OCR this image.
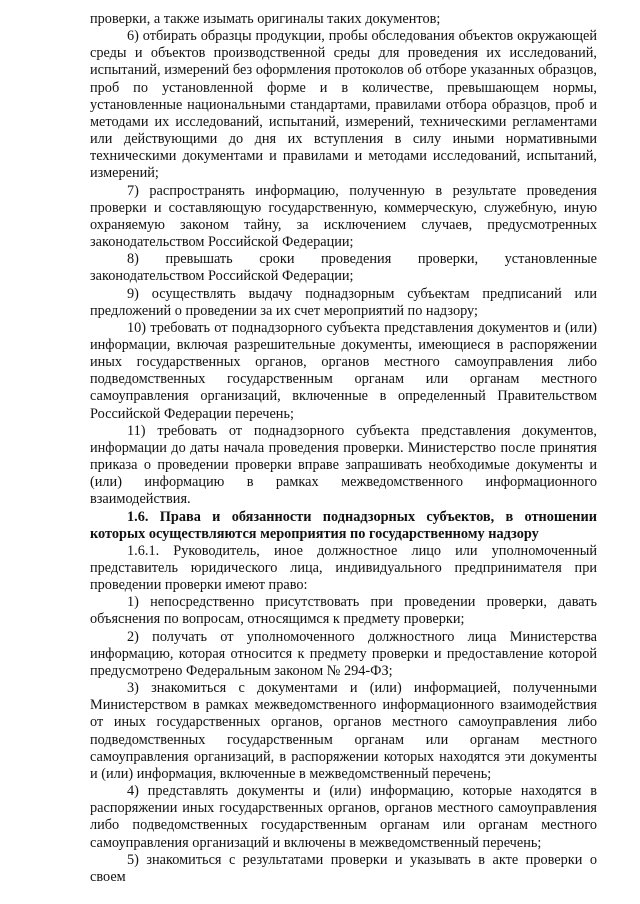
проверки, а также изымать оригиналы таких документов;

6) отбирать образцы продукции, пробы обследования объектов окружающей среды и объектов производственной среды для проведения их исследований, испытаний, измерений без оформления протоколов об отборе указанных образцов, проб по установленной форме и в количестве, превышающем нормы, установленные национальными стандартами, правилами отбора образцов, проб и методами их исследований, испытаний, измерений, техническими регламентами или действующими до дня их вступления в силу иными нормативными техническими документами и правилами и методами исследований, испытаний, измерений;

7) распространять информацию, полученную в результате проведения проверки и составляющую государственную, коммерческую, служебную, иную охраняемую законом тайну, за исключением случаев, предусмотренных законодательством Российской Федерации;

8) превышать сроки проведения проверки, установленные законодательством Российской Федерации;

9) осуществлять выдачу поднадзорным субъектам предписаний или предложений о проведении за их счет мероприятий по надзору;

10) требовать от поднадзорного субъекта представления документов и (или) информации, включая разрешительные документы, имеющиеся в распоряжении иных государственных органов, органов местного самоуправления либо подведомственных государственным органам или органам местного самоуправления организаций, включенные в определенный Правительством Российской Федерации перечень;

11) требовать от поднадзорного субъекта представления документов, информации до даты начала проведения проверки. Министерство после принятия приказа о проведении проверки вправе запрашивать необходимые документы и (или) информацию в рамках межведомственного информационного взаимодействия.

1.6. Права и обязанности поднадзорных субъектов, в отношении которых осуществляются мероприятия по государственному надзору

1.6.1. Руководитель, иное должностное лицо или уполномоченный представитель юридического лица, индивидуального предпринимателя при проведении проверки имеют право:

1) непосредственно присутствовать при проведении проверки, давать объяснения по вопросам, относящимся к предмету проверки;

2) получать от уполномоченного должностного лица Министерства информацию, которая относится к предмету проверки и предоставление которой предусмотрено Федеральным законом № 294-ФЗ;

3) знакомиться с документами и (или) информацией, полученными Министерством в рамках межведомственного информационного взаимодействия от иных государственных органов, органов местного самоуправления либо подведомственных государственным органам или органам местного самоуправления организаций, в распоряжении которых находятся эти документы и (или) информация, включенные в межведомственный перечень;

4) представлять документы и (или) информацию, которые находятся в распоряжении иных государственных органов, органов местного самоуправления либо подведомственных государственным органам или органам местного самоуправления организаций и включены в межведомственный перечень;

5) знакомиться с результатами проверки и указывать в акте проверки о своем
